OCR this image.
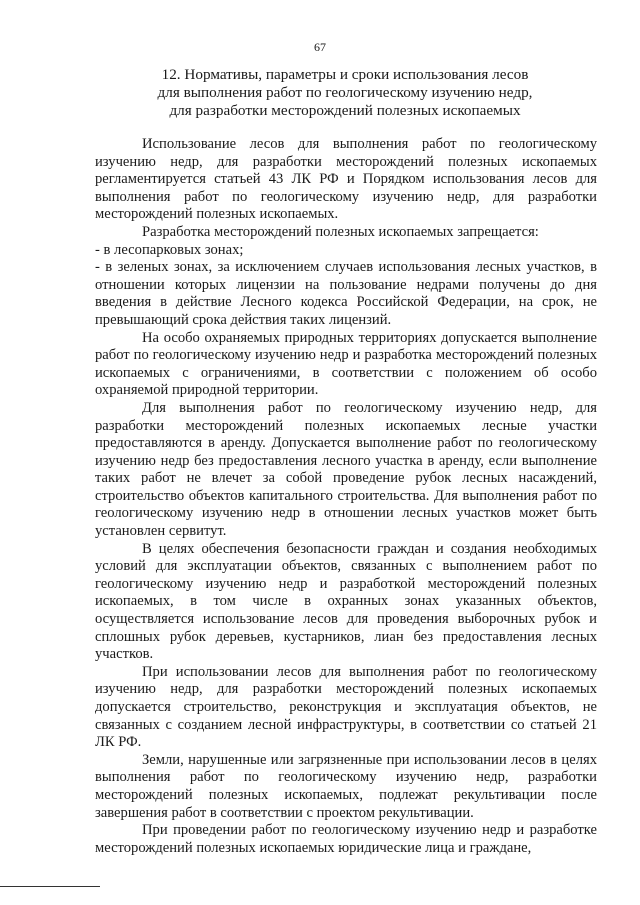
67
12. Нормативы, параметры и сроки использования лесов
для выполнения работ по геологическому изучению недр,
для разработки месторождений полезных ископаемых

Использование лесов для выполнения работ по геологическому изучению недр, для разработки месторождений полезных ископаемых регламентируется статьей 43 ЛК РФ и Порядком использования лесов для выполнения работ по геологическому изучению недр, для разработки месторождений полезных ископаемых.

Разработка месторождений полезных ископаемых запрещается:

- в лесопарковых зонах;

- в зеленых зонах, за исключением случаев использования лесных участков, в отношении которых лицензии на пользование недрами получены до дня введения в действие Лесного кодекса Российской Федерации, на срок, не превышающий срока действия таких лицензий.

На особо охраняемых природных территориях допускается выполнение работ по геологическому изучению недр и разработка месторождений полезных ископаемых с ограничениями, в соответствии с положением об особо охраняемой природной территории.

Для выполнения работ по геологическому изучению недр, для разработки месторождений полезных ископаемых лесные участки предоставляются в аренду. Допускается выполнение работ по геологическому изучению недр без предоставления лесного участка в аренду, если выполнение таких работ не влечет за собой проведение рубок лесных насаждений, строительство объектов капитального строительства. Для выполнения работ по геологическому изучению недр в отношении лесных участков может быть установлен сервитут.

В целях обеспечения безопасности граждан и создания необходимых условий для эксплуатации объектов, связанных с выполнением работ по геологическому изучению недр и разработкой месторождений полезных ископаемых, в том числе в охранных зонах указанных объектов, осуществляется использование лесов для проведения выборочных рубок и сплошных рубок деревьев, кустарников, лиан без предоставления лесных участков.

При использовании лесов для выполнения работ по геологическому изучению недр, для разработки месторождений полезных ископаемых допускается строительство, реконструкция и эксплуатация объектов, не связанных с созданием лесной инфраструктуры, в соответствии со статьей 21 ЛК РФ.

Земли, нарушенные или загрязненные при использовании лесов в целях выполнения работ по геологическому изучению недр, разработки месторождений полезных ископаемых, подлежат рекультивации после завершения работ в соответствии с проектом рекультивации.

При проведении работ по геологическому изучению недр и разработке месторождений полезных ископаемых юридические лица и граждане,
